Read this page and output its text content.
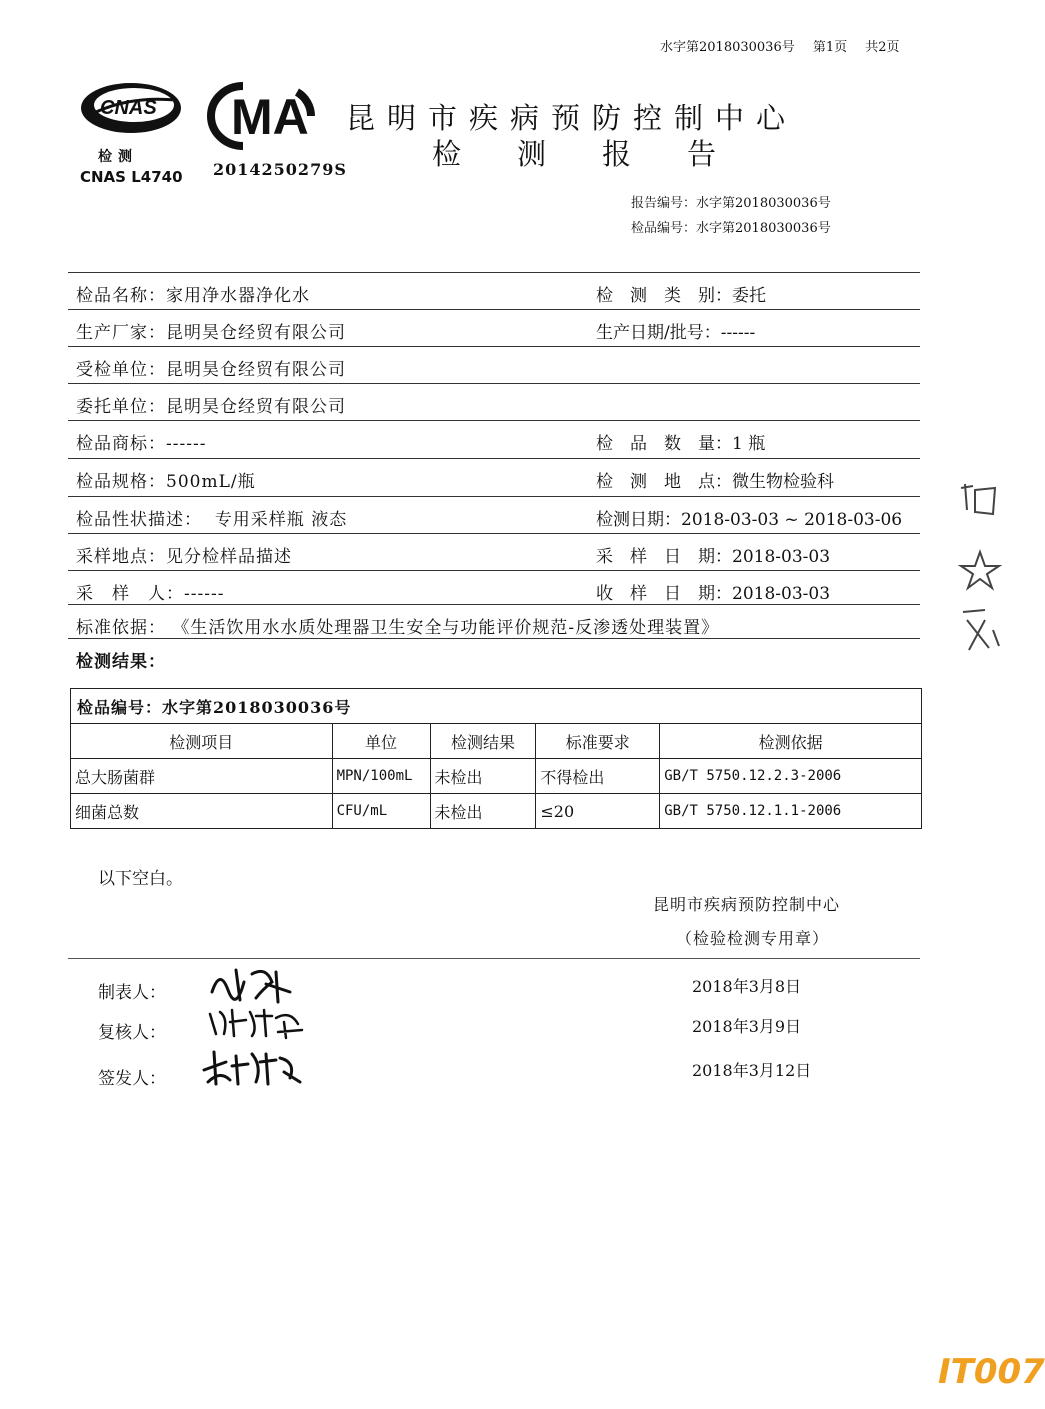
水字第2018030036号 第1页 共2页
CNAS
检测
CNAS L4740
MA
2014250279S
昆明市疾病预防控制中心
检测报告
报告编号：水字第2018030036号
检品编号：水字第2018030036号
检品名称：家用净水器净化水	检　测　类　别：委托
生产厂家：昆明昊仓经贸有限公司	生产日期/批号：------
受检单位：昆明昊仓经贸有限公司
委托单位：昆明昊仓经贸有限公司
检品商标：------	检　品　数　量：1 瓶
检品规格：500mL/瓶	检　测　地　点：微生物检验科
检品性状描述： 专用采样瓶 液态	检测日期：2018-03-03 ~ 2018-03-06
采样地点：见分检样品描述	采　样　日　期：2018-03-03
采　样　人：------	收　样　日　期：2018-03-03
标准依据： 《生活饮用水水质处理器卫生安全与功能评价规范-反渗透处理装置》
检测结果：
检品编号：水字第2018030036号				
检测项目	单位	检测结果	标准要求	检测依据
总大肠菌群	MPN/100mL	未检出	不得检出	GB/T 5750.12.2.3-2006
细菌总数	CFU/mL	未检出	≤20	GB/T 5750.12.1.1-2006
以下空白。
昆明市疾病预防控制中心
（检验检测专用章）
制表人：	2018年3月8日
复核人：	2018年3月9日
签发人：	2018年3月12日
IT007
